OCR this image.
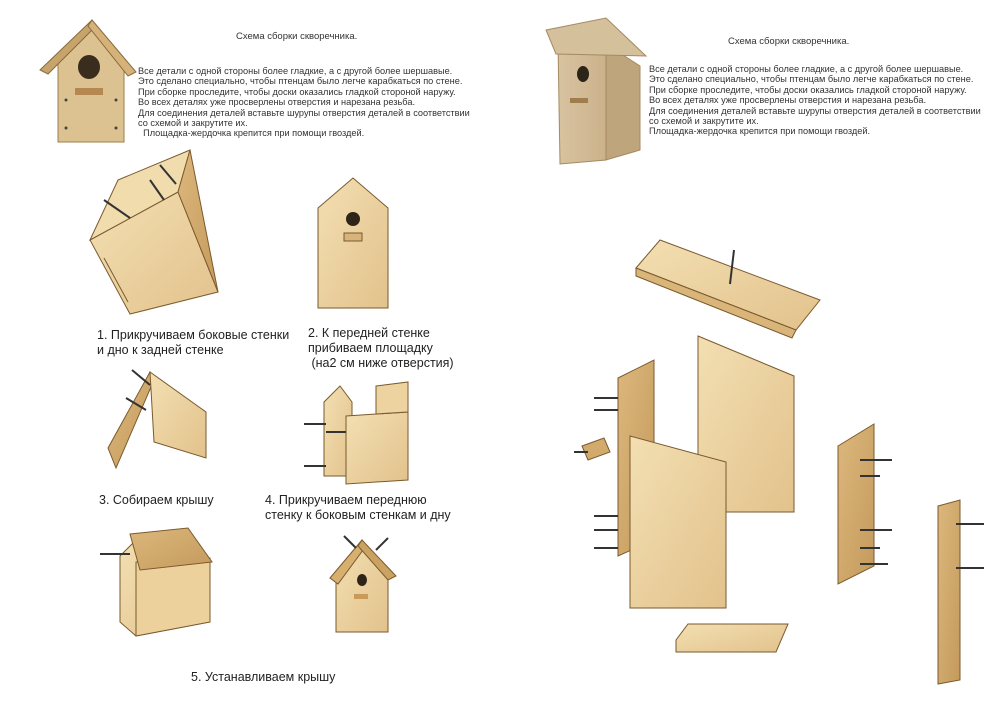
Схема сборки скворечника.
Все детали с одной стороны более гладкие, а с другой более шершавые.
Это сделано специально, чтобы птенцам было легче карабкаться по стене.
При сборке проследите, чтобы доски оказались гладкой стороной наружу.
Во всех деталях уже просверлены отверстия и нарезана резьба.
Для соединения деталей вставьте шурупы отверстия деталей в соответствии
со схемой и закрутите их.
Площадка-жердочка крепится при помощи гвоздей.
Схема сборки скворечника.
Все детали с одной стороны более гладкие, а с другой более шершавые.
Это сделано специально, чтобы птенцам было легче карабкаться по стене.
При сборке проследите, чтобы доски оказались гладкой стороной наружу.
Во всех деталях уже просверлены отверстия и нарезана резьба.
Для соединения деталей вставьте шурупы отверстия деталей в соответствии
со схемой и закрутите их.
Площадка-жердочка крепится при помощи гвоздей.
1. Прикручиваем боковые стенки
и дно к задней стенке
2. К передней стенке
прибиваем площадку
(на2 см ниже отверстия)
3. Собираем крышу	4. Прикручиваем переднюю
стенку к боковым стенкам и дну
5. Устанавливаем крышу
